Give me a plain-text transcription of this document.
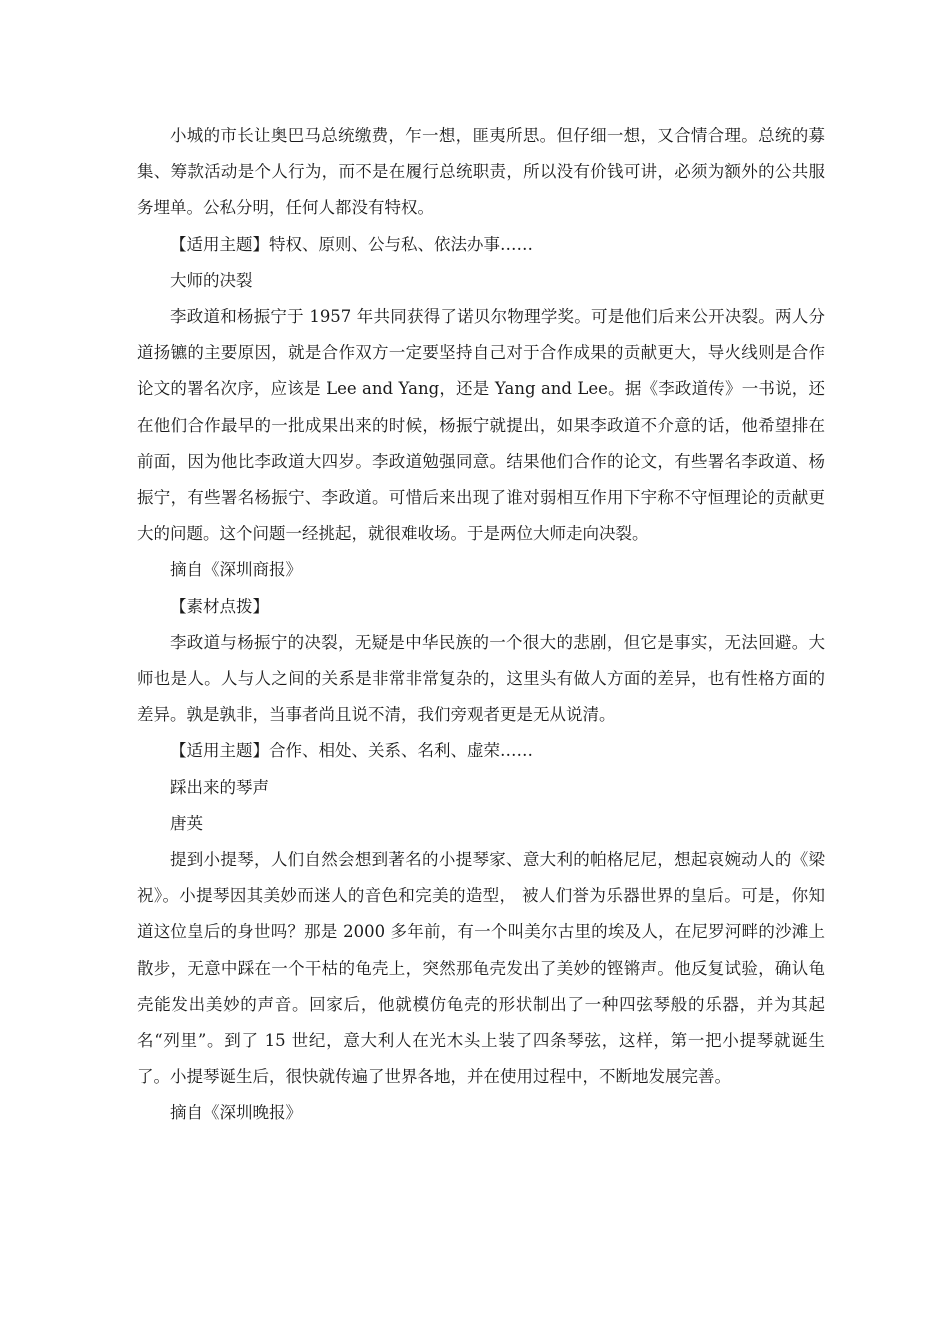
小城的市长让奥巴马总统缴费，乍一想，匪夷所思。但仔细一想，又合情合理。总统的募集、筹款活动是个人行为，而不是在履行总统职责，所以没有价钱可讲，必须为额外的公共服务埋单。公私分明，任何人都没有特权。

【适用主题】特权、原则、公与私、依法办事……

大师的决裂

李政道和杨振宁于 1957 年共同获得了诺贝尔物理学奖。可是他们后来公开决裂。两人分道扬镳的主要原因，就是合作双方一定要坚持自己对于合作成果的贡献更大，导火线则是合作论文的署名次序，应该是 Lee and Yang，还是 Yang and Lee。据《李政道传》一书说，还在他们合作最早的一批成果出来的时候，杨振宁就提出，如果李政道不介意的话，他希望排在前面，因为他比李政道大四岁。李政道勉强同意。结果他们合作的论文，有些署名李政道、杨振宁，有些署名杨振宁、李政道。可惜后来出现了谁对弱相互作用下宇称不守恒理论的贡献更大的问题。这个问题一经挑起，就很难收场。于是两位大师走向决裂。

摘自《深圳商报》

【素材点拨】

李政道与杨振宁的决裂，无疑是中华民族的一个很大的悲剧，但它是事实，无法回避。大师也是人。人与人之间的关系是非常非常复杂的，这里头有做人方面的差异，也有性格方面的差异。孰是孰非，当事者尚且说不清，我们旁观者更是无从说清。

【适用主题】合作、相处、关系、名利、虚荣……

踩出来的琴声

唐英

提到小提琴，人们自然会想到著名的小提琴家、意大利的帕格尼尼，想起哀婉动人的《梁祝》。小提琴因其美妙而迷人的音色和完美的造型， 被人们誉为乐器世界的皇后。可是，你知道这位皇后的身世吗？那是 2000 多年前，有一个叫美尔古里的埃及人，在尼罗河畔的沙滩上散步，无意中踩在一个干枯的龟壳上，突然那龟壳发出了美妙的铿锵声。他反复试验，确认龟壳能发出美妙的声音。回家后，他就模仿龟壳的形状制出了一种四弦琴般的乐器，并为其起名“列里”。到了 15 世纪，意大利人在光木头上装了四条琴弦，这样，第一把小提琴就诞生了。小提琴诞生后，很快就传遍了世界各地，并在使用过程中，不断地发展完善。

摘自《深圳晚报》
